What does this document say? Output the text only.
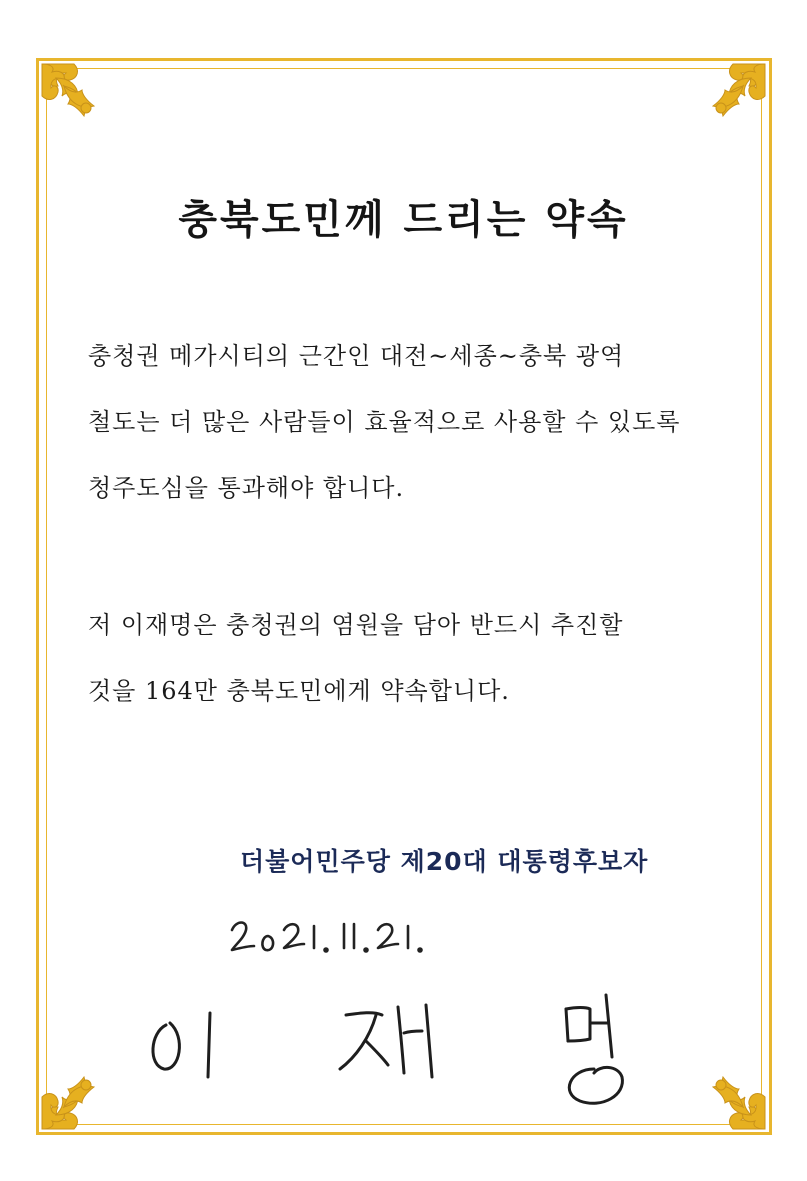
충북도민께 드리는 약속
충청권 메가시티의 근간인 대전~세종~충북 광역
철도는 더 많은 사람들이 효율적으로 사용할 수 있도록
청주도심을 통과해야 합니다.
저 이재명은 충청권의 염원을 담아 반드시 추진할
것을 164만 충북도민에게 약속합니다.
더불어민주당 제20대 대통령후보자
